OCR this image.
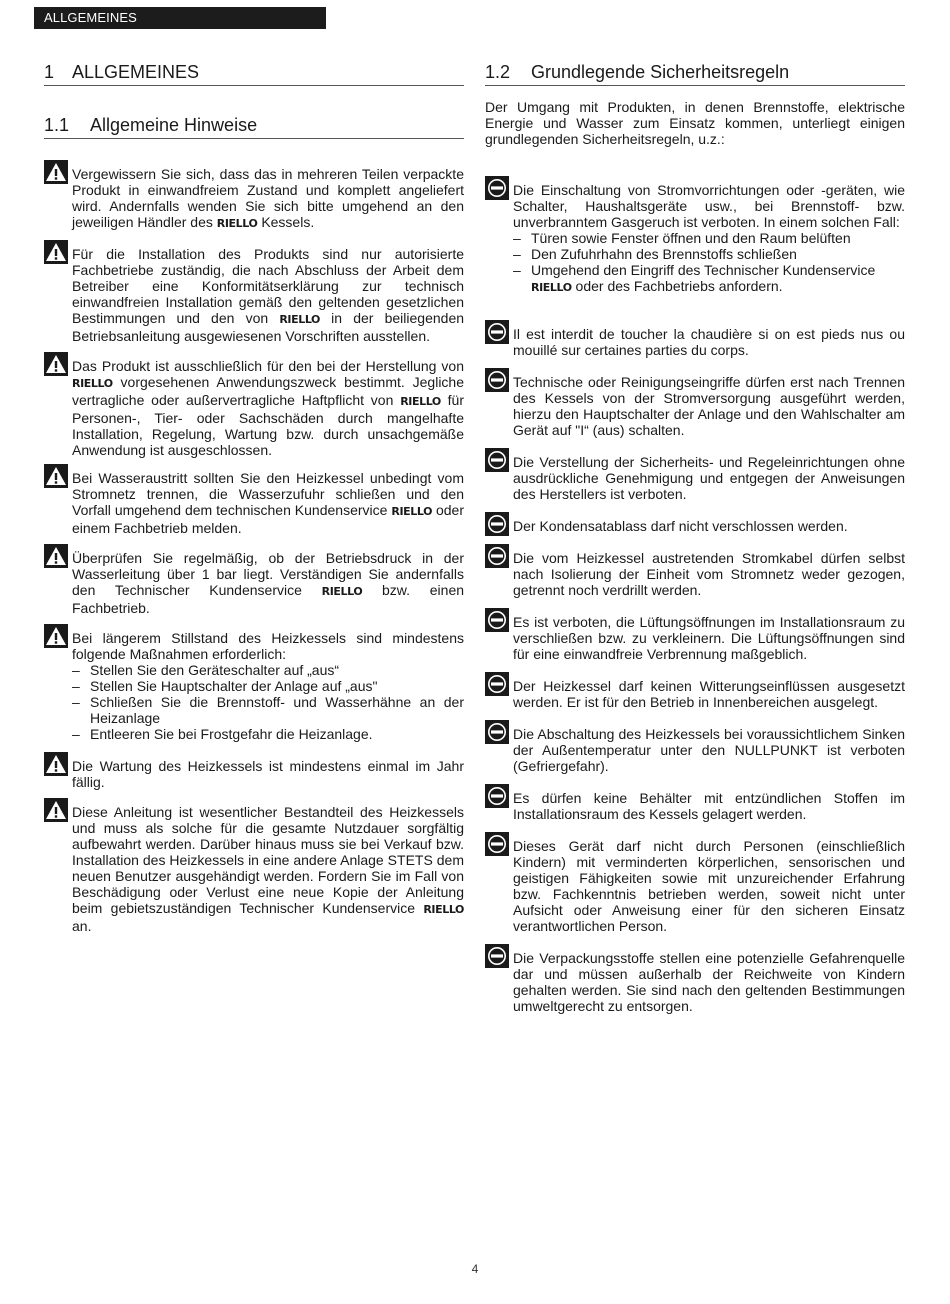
ALLGEMEINES
1 ALLGEMEINES
1.1	Allgemeine Hinweise
Vergewissern Sie sich, dass das in mehreren Teilen verpackte Produkt in einwandfreiem Zustand und komplett angeliefert wird. Andernfalls wenden Sie sich bitte umgehend an den jeweiligen Händler des RIELLO Kessels.
Für die Installation des Produkts sind nur autorisierte Fachbetriebe zuständig, die nach Abschluss der Arbeit dem Betreiber eine Konformitätserklärung zur technisch einwandfreien Installation gemäß den geltenden gesetzlichen Bestimmungen und den von RIELLO in der beiliegenden Betriebsanleitung ausgewiesenen Vorschriften ausstellen.
Das Produkt ist ausschließlich für den bei der Herstellung von RIELLO vorgesehenen Anwendungszweck bestimmt. Jegliche vertragliche oder außervertragliche Haftpflicht von RIELLO für Personen-, Tier- oder Sachschäden durch mangelhafte Installation, Regelung, Wartung bzw. durch unsachgemäße Anwendung ist ausgeschlossen.
Bei Wasseraustritt sollten Sie den Heizkessel unbedingt vom Stromnetz trennen, die Wasserzufuhr schließen und den Vorfall umgehend dem technischen Kundenservice RIELLO oder einem Fachbetrieb melden.
Überprüfen Sie regelmäßig, ob der Betriebsdruck in der Wasserleitung über 1 bar liegt. Verständigen Sie andernfalls den Technischer Kundenservice RIELLO bzw. einen Fachbetrieb.
Bei längerem Stillstand des Heizkessels sind mindestens folgende Maßnahmen erforderlich:
– Stellen Sie den Geräteschalter auf „aus“
– Stellen Sie Hauptschalter der Anlage auf „aus"
– Schließen Sie die Brennstoff- und Wasserhähne an der Heizanlage
– Entleeren Sie bei Frostgefahr die Heizanlage.
Die Wartung des Heizkessels ist mindestens einmal im Jahr fällig.
Diese Anleitung ist wesentlicher Bestandteil des Heizkessels und muss als solche für die gesamte Nutzdauer sorgfältig aufbewahrt werden. Darüber hinaus muss sie bei Verkauf bzw. Installation des Heizkessels in eine andere Anlage STETS dem neuen Benutzer ausgehändigt werden. Fordern Sie im Fall von Beschädigung oder Verlust eine neue Kopie der Anleitung beim gebietszuständigen Technischer Kundenservice RIELLO an.
1.2	Grundlegende Sicherheitsregeln
Der Umgang mit Produkten, in denen Brennstoffe, elektrische Energie und Wasser zum Einsatz kommen, unterliegt einigen grundlegenden Sicherheitsregeln, u.z.:
Die Einschaltung von Stromvorrichtungen oder -geräten, wie Schalter, Haushaltsgeräte usw., bei Brennstoff- bzw. unverbranntem Gasgeruch ist verboten. In einem solchen Fall:
– Türen sowie Fenster öffnen und den Raum belüften
– Den Zufuhrhahn des Brennstoffs schließen
– Umgehend den Eingriff des Technischer Kundenservice
RIELLO oder des Fachbetriebs anfordern.
Il est interdit de toucher la chaudière si on est pieds nus ou mouillé sur certaines parties du corps.
Technische oder Reinigungseingriffe dürfen erst nach Trennen des Kessels von der Stromversorgung ausgeführt werden, hierzu den Hauptschalter der Anlage und den Wahlschalter am Gerät auf "I“ (aus) schalten.
Die Verstellung der Sicherheits- und Regeleinrichtungen ohne ausdrückliche Genehmigung und entgegen der Anweisungen des Herstellers ist verboten.
Der Kondensatablass darf nicht verschlossen werden.
Die vom Heizkessel austretenden Stromkabel dürfen selbst nach Isolierung der Einheit vom Stromnetz weder gezogen, getrennt noch verdrillt werden.
Es ist verboten, die Lüftungsöffnungen im Installationsraum zu verschließen bzw. zu verkleinern. Die Lüftungsöffnungen sind für eine einwandfreie Verbrennung maßgeblich.
Der Heizkessel darf keinen Witterungseinflüssen ausgesetzt werden. Er ist für den Betrieb in Innenbereichen ausgelegt.
Die Abschaltung des Heizkessels bei voraussichtlichem Sinken der Außentemperatur unter den NULLPUNKT ist verboten (Gefriergefahr).
Es dürfen keine Behälter mit entzündlichen Stoffen im Installationsraum des Kessels gelagert werden.
Dieses Gerät darf nicht durch Personen (einschließlich Kindern) mit verminderten körperlichen, sensorischen und geistigen Fähigkeiten sowie mit unzureichender Erfahrung bzw. Fachkenntnis betrieben werden, soweit nicht unter Aufsicht oder Anweisung einer für den sicheren Einsatz verantwortlichen Person.
Die Verpackungsstoffe stellen eine potenzielle Gefahrenquelle dar und müssen außerhalb der Reichweite von Kindern gehalten werden. Sie sind nach den geltenden Bestimmungen umweltgerecht zu entsorgen.
4
